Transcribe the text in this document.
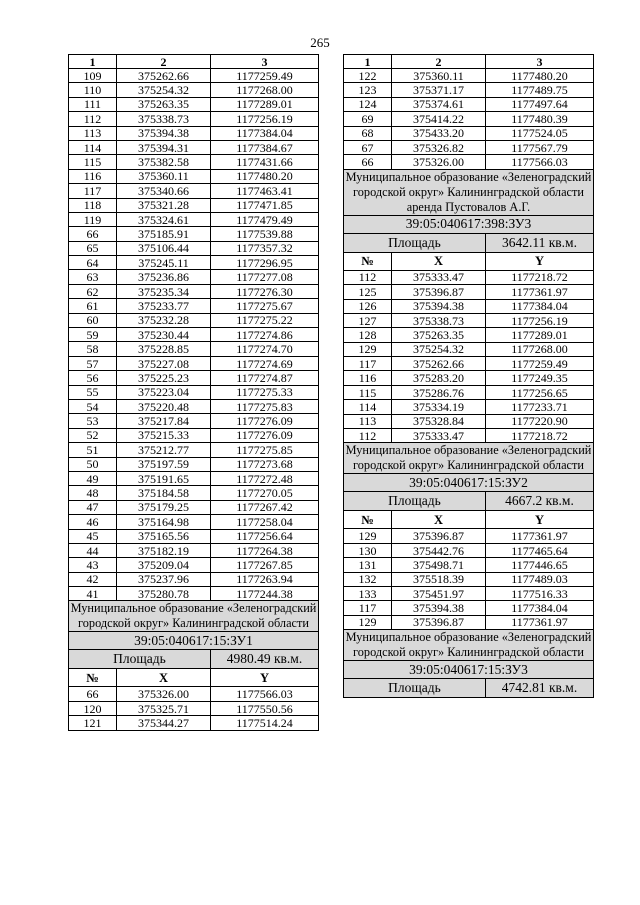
265
1	2	3
109	375262.66	1177259.49
110	375254.32	1177268.00
111	375263.35	1177289.01
112	375338.73	1177256.19
113	375394.38	1177384.04
114	375394.31	1177384.67
115	375382.58	1177431.66
116	375360.11	1177480.20
117	375340.66	1177463.41
118	375321.28	1177471.85
119	375324.61	1177479.49
66	375185.91	1177539.88
65	375106.44	1177357.32
64	375245.11	1177296.95
63	375236.86	1177277.08
62	375235.34	1177276.30
61	375233.77	1177275.67
60	375232.28	1177275.22
59	375230.44	1177274.86
58	375228.85	1177274.70
57	375227.08	1177274.69
56	375225.23	1177274.87
55	375223.04	1177275.33
54	375220.48	1177275.83
53	375217.84	1177276.09
52	375215.33	1177276.09
51	375212.77	1177275.85
50	375197.59	1177273.68
49	375191.65	1177272.48
48	375184.58	1177270.05
47	375179.25	1177267.42
46	375164.98	1177258.04
45	375165.56	1177256.64
44	375182.19	1177264.38
43	375209.04	1177267.85
42	375237.96	1177263.94
41	375280.78	1177244.38
Муниципальное образование «Зеленоградский городской округ» Калининградской области		
39:05:040617:15:ЗУ1		
Площадь		4980.49 кв.м.
№	X	Y
66	375326.00	1177566.03
120	375325.71	1177550.56
121	375344.27	1177514.24
1	2	3
122	375360.11	1177480.20
123	375371.17	1177489.75
124	375374.61	1177497.64
69	375414.22	1177480.39
68	375433.20	1177524.05
67	375326.82	1177567.79
66	375326.00	1177566.03
Муниципальное образование «Зеленоградский городской округ» Калининградской области аренда Пустовалов А.Г.		
39:05:040617:398:ЗУ3		
Площадь		3642.11 кв.м.
№	X	Y
112	375333.47	1177218.72
125	375396.87	1177361.97
126	375394.38	1177384.04
127	375338.73	1177256.19
128	375263.35	1177289.01
129	375254.32	1177268.00
117	375262.66	1177259.49
116	375283.20	1177249.35
115	375286.76	1177256.65
114	375334.19	1177233.71
113	375328.84	1177220.90
112	375333.47	1177218.72
Муниципальное образование «Зеленоградский городской округ» Калининградской области		
39:05:040617:15:ЗУ2		
Площадь		4667.2 кв.м.
№	X	Y
129	375396.87	1177361.97
130	375442.76	1177465.64
131	375498.71	1177446.65
132	375518.39	1177489.03
133	375451.97	1177516.33
117	375394.38	1177384.04
129	375396.87	1177361.97
Муниципальное образование «Зеленоградский городской округ» Калининградской области		
39:05:040617:15:ЗУ3		
Площадь		4742.81 кв.м.
